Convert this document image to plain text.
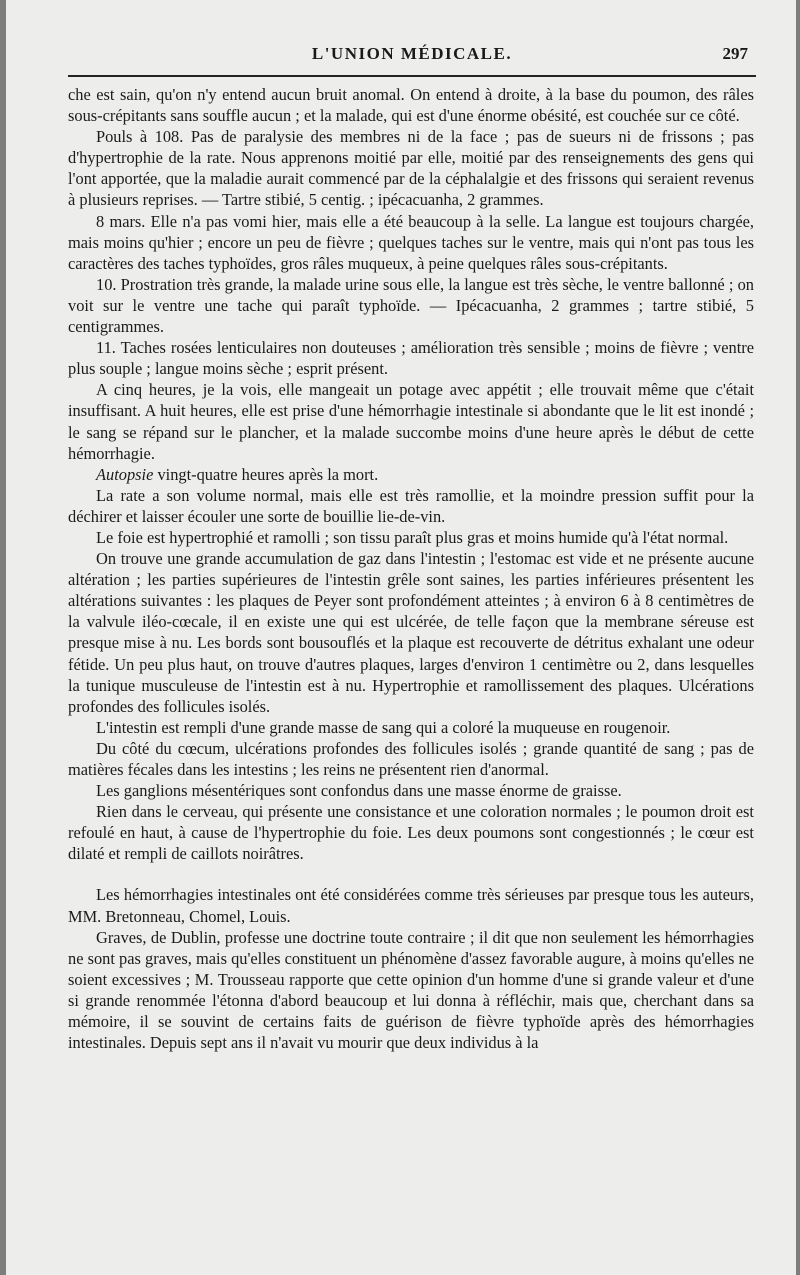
L'UNION MÉDICALE.	297

che est sain, qu'on n'y entend aucun bruit anomal. On entend à droite, à la base du poumon, des râles sous-crépitants sans souffle aucun ; et la malade, qui est d'une énorme obésité, est couchée sur ce côté.

Pouls à 108. Pas de paralysie des membres ni de la face ; pas de sueurs ni de frissons ; pas d'hypertrophie de la rate. Nous apprenons moitié par elle, moitié par des renseignements des gens qui l'ont apportée, que la maladie aurait commencé par de la céphalalgie et des frissons qui seraient revenus à plusieurs reprises. — Tartre stibié, 5 centig. ; ipécacuanha, 2 grammes.

8 mars. Elle n'a pas vomi hier, mais elle a été beaucoup à la selle. La langue est toujours chargée, mais moins qu'hier ; encore un peu de fièvre ; quelques taches sur le ventre, mais qui n'ont pas tous les caractères des taches typhoïdes, gros râles muqueux, à peine quelques râles sous-crépitants.

10. Prostration très grande, la malade urine sous elle, la langue est très sèche, le ventre ballonné ; on voit sur le ventre une tache qui paraît typhoïde. — Ipécacuanha, 2 grammes ; tartre stibié, 5 centigrammes.

11. Taches rosées lenticulaires non douteuses ; amélioration très sensible ; moins de fièvre ; ventre plus souple ; langue moins sèche ; esprit présent.

A cinq heures, je la vois, elle mangeait un potage avec appétit ; elle trouvait même que c'était insuffisant. A huit heures, elle est prise d'une hémorrhagie intestinale si abondante que le lit est inondé ; le sang se répand sur le plancher, et la malade succombe moins d'une heure après le début de cette hémorrhagie.

Autopsie vingt-quatre heures après la mort.

La rate a son volume normal, mais elle est très ramollie, et la moindre pression suffit pour la déchirer et laisser écouler une sorte de bouillie lie-de-vin.

Le foie est hypertrophié et ramolli ; son tissu paraît plus gras et moins humide qu'à l'état normal.

On trouve une grande accumulation de gaz dans l'intestin ; l'estomac est vide et ne présente aucune altération ; les parties supérieures de l'intestin grêle sont saines, les parties inférieures présentent les altérations suivantes : les plaques de Peyer sont profondément atteintes ; à environ 6 à 8 centimètres de la valvule iléo-cœcale, il en existe une qui est ulcérée, de telle façon que la membrane séreuse est presque mise à nu. Les bords sont bousouflés et la plaque est recouverte de détritus exhalant une odeur fétide. Un peu plus haut, on trouve d'autres plaques, larges d'environ 1 centimètre ou 2, dans lesquelles la tunique musculeuse de l'intestin est à nu. Hypertrophie et ramollissement des plaques. Ulcérations profondes des follicules isolés.

L'intestin est rempli d'une grande masse de sang qui a coloré la muqueuse en rougenoir.

Du côté du cœcum, ulcérations profondes des follicules isolés ; grande quantité de sang ; pas de matières fécales dans les intestins ; les reins ne présentent rien d'anormal.

Les ganglions mésentériques sont confondus dans une masse énorme de graisse.

Rien dans le cerveau, qui présente une consistance et une coloration normales ; le poumon droit est refoulé en haut, à cause de l'hypertrophie du foie. Les deux poumons sont congestionnés ; le cœur est dilaté et rempli de caillots noirâtres.

Les hémorrhagies intestinales ont été considérées comme très sérieuses par presque tous les auteurs, MM. Bretonneau, Chomel, Louis.

Graves, de Dublin, professe une doctrine toute contraire ; il dit que non seulement les hémorrhagies ne sont pas graves, mais qu'elles constituent un phénomène d'assez favorable augure, à moins qu'elles ne soient excessives ; M. Trousseau rapporte que cette opinion d'un homme d'une si grande valeur et d'une si grande renommée l'étonna d'abord beaucoup et lui donna à réfléchir, mais que, cherchant dans sa mémoire, il se souvint de certains faits de guérison de fièvre typhoïde après des hémorrhagies intestinales. Depuis sept ans il n'avait vu mourir que deux individus à la
